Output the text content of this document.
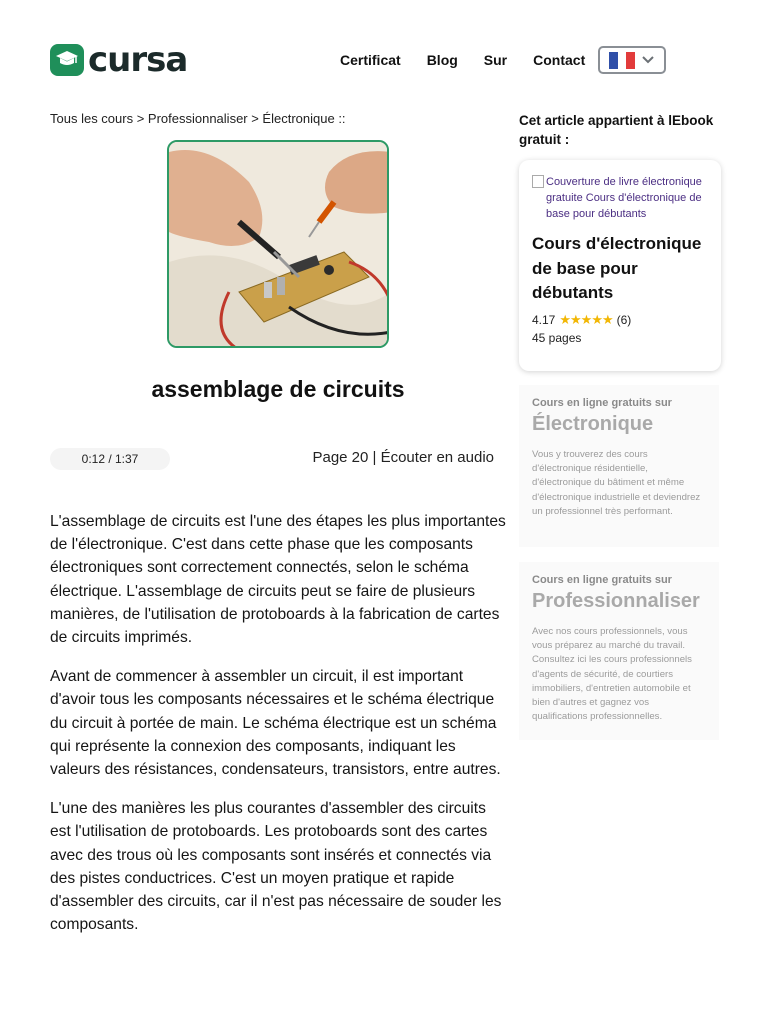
cursa	Certificat Blog Sur Contact
Tous les cours > Professionnaliser > Électronique ::
assemblage de circuits
0:12 / 1:37	Page 20 | Écouter en audio

L'assemblage de circuits est l'une des étapes les plus importantes de l'électronique. C'est dans cette phase que les composants électroniques sont correctement connectés, selon le schéma électrique. L'assemblage de circuits peut se faire de plusieurs manières, de l'utilisation de protoboards à la fabrication de cartes de circuits imprimés.

Avant de commencer à assembler un circuit, il est important d'avoir tous les composants nécessaires et le schéma électrique du circuit à portée de main. Le schéma électrique est un schéma qui représente la connexion des composants, indiquant les valeurs des résistances, condensateurs, transistors, entre autres.

L'une des manières les plus courantes d'assembler des circuits est l'utilisation de protoboards. Les protoboards sont des cartes avec des trous où les composants sont insérés et connectés via des pistes conductrices. C'est un moyen pratique et rapide d'assembler des circuits, car il n'est pas nécessaire de souder les composants.

Cet article appartient à lEbook gratuit :
Couverture de livre électronique gratuite Cours d'électronique de base pour débutants
Cours d'électronique de base pour débutants
4.17 ★★★★★ (6)
45 pages
Cours en ligne gratuits sur
Électronique
Vous y trouverez des cours d'électronique résidentielle, d'électronique du bâtiment et même d'électronique industrielle et deviendrez un professionnel très performant.
Cours en ligne gratuits sur
Professionnaliser
Avec nos cours professionnels, vous vous préparez au marché du travail. Consultez ici les cours professionnels d'agents de sécurité, de courtiers immobiliers, d'entretien automobile et bien d'autres et gagnez vos qualifications professionnelles.
